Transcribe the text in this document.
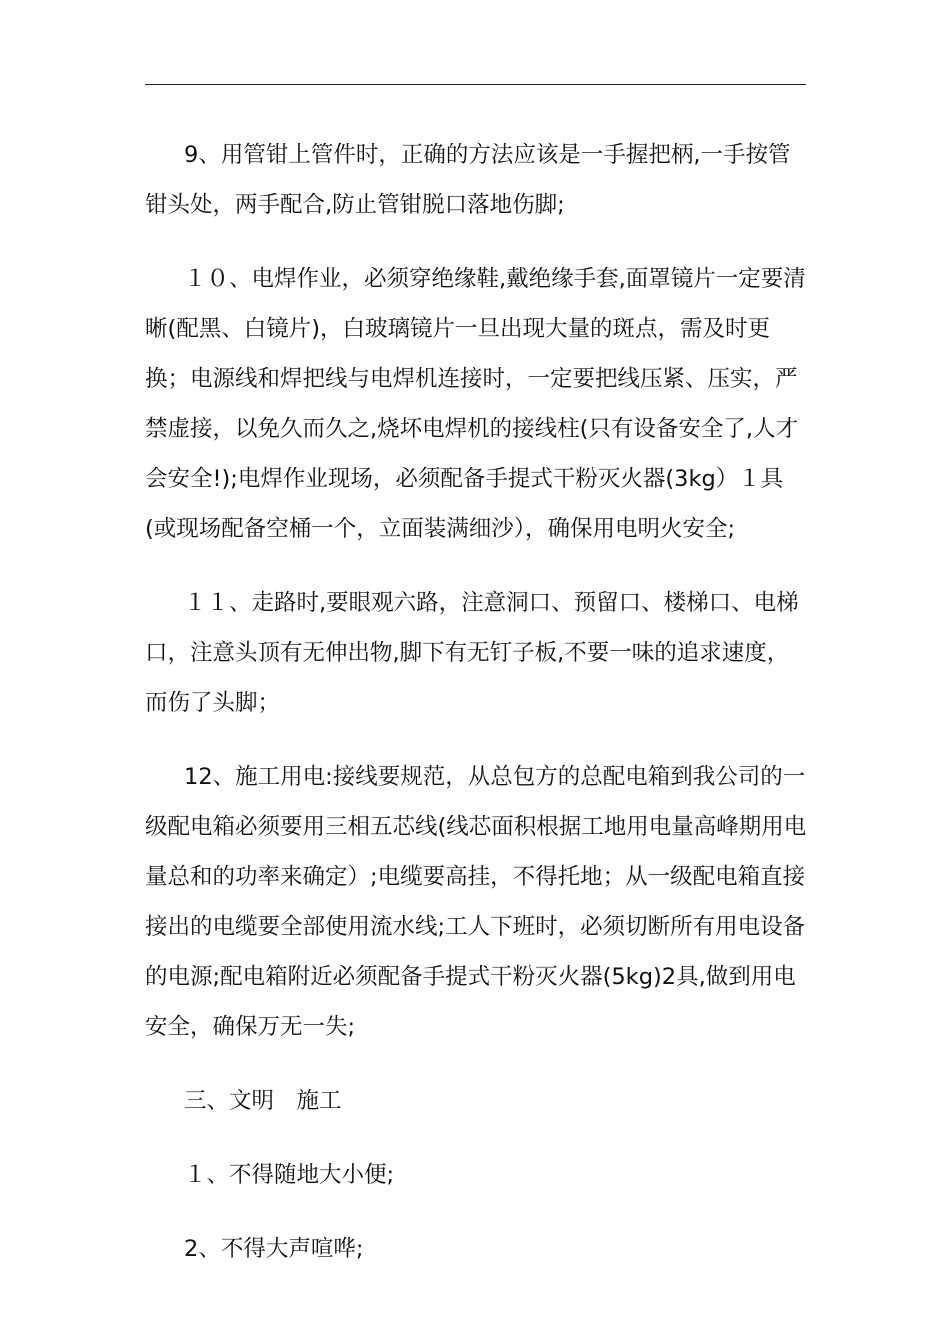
9、用管钳上管件时，正确的方法应该是一手握把柄,一手按管钳头处，两手配合,防止管钳脱口落地伤脚;

１０、电焊作业，必须穿绝缘鞋,戴绝缘手套,面罩镜片一定要清晰(配黑、白镜片)，白玻璃镜片一旦出现大量的斑点，需及时更换；电源线和焊把线与电焊机连接时，一定要把线压紧、压实，严禁虚接，以免久而久之,烧坏电焊机的接线柱(只有设备安全了,人才会安全!);电焊作业现场，必须配备手提式干粉灭火器(3kg）１具(或现场配备空桶一个，立面装满细沙），确保用电明火安全;

１１、走路时,要眼观六路，注意洞口、预留口、楼梯口、电梯口，注意头顶有无伸出物,脚下有无钉子板,不要一味的追求速度，而伤了头脚；

12、施工用电:接线要规范，从总包方的总配电箱到我公司的一级配电箱必须要用三相五芯线(线芯面积根据工地用电量高峰期用电量总和的功率来确定）;电缆要高挂，不得托地；从一级配电箱直接接出的电缆要全部使用流水线;工人下班时，必须切断所有用电设备的电源;配电箱附近必须配备手提式干粉灭火器(5kg)2具,做到用电安全，确保万无一失;

三、文明　施工

１、不得随地大小便;

2、不得大声喧哗;
